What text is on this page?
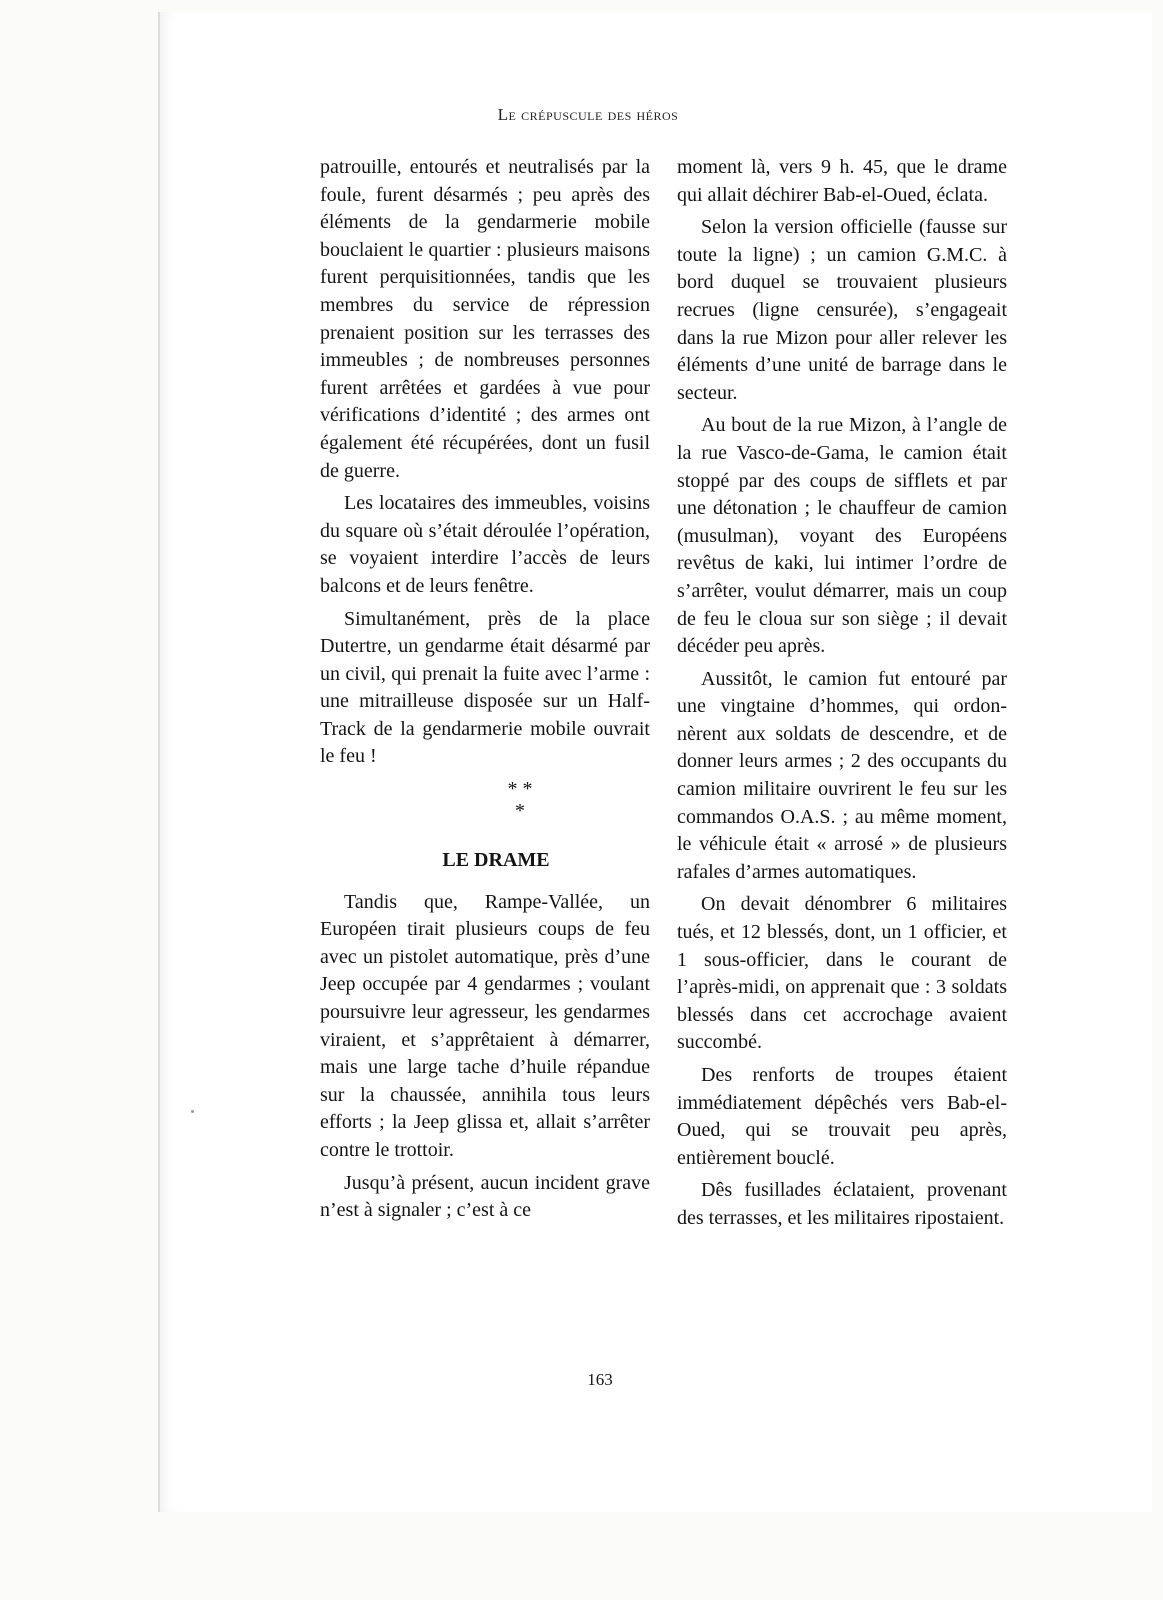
Le crépuscule des héros

patrouille, entourés et neutralisés par la foule, furent désarmés ; peu après des éléments de la gendarmerie mobile bouclaient le quartier : plusieurs maisons furent perquisitionnées, tandis que les membres du service de répression prenaient position sur les terrasses des immeubles ; de nombreuses personnes furent arrêtées et gardées à vue pour vérifications d’identité ; des armes ont également été récupérées, dont un fusil de guerre.

Les locataires des immeubles, voisins du square où s’était déroulée l’opération, se voyaient interdire l’accès de leurs balcons et de leurs fenêtre.

Simultanément, près de la place Dutertre, un gendarme était désarmé par un civil, qui prenait la fuite avec l’arme : une mitrailleuse disposée sur un Half-Track de la gendarmerie mobile ouvrait le feu !

* *
*
LE DRAME

Tandis que, Rampe-Vallée, un Européen tirait plusieurs coups de feu avec un pistolet automatique, près d’une Jeep occupée par 4 gendarmes ; voulant poursuivre leur agresseur, les gendarmes viraient, et s’apprêtaient à démarrer, mais une large tache d’huile répandue sur la chaussée, annihila tous leurs efforts ; la Jeep glissa et, allait s’arrêter contre le trottoir.

Jusqu’à présent, aucun incident grave n’est à signaler ; c’est à ce

moment là, vers 9 h. 45, que le drame qui allait déchirer Bab-el-Oued, éclata.

Selon la version officielle (fausse sur toute la ligne) ; un camion G.M.C. à bord duquel se trouvaient plusieurs recrues (ligne censurée), s’engageait dans la rue Mizon pour aller relever les éléments d’une unité de barrage dans le secteur.

Au bout de la rue Mizon, à l’angle de la rue Vasco-de-Gama, le camion était stoppé par des coups de sifflets et par une détonation ; le chauffeur de camion (musulman), voyant des Européens revêtus de kaki, lui intimer l’ordre de s’arrêter, voulut démarrer, mais un coup de feu le cloua sur son siège ; il devait décéder peu après.

Aussitôt, le camion fut entouré par une vingtaine d’hommes, qui ordonnèrent aux soldats de descendre, et de donner leurs armes ; 2 des occupants du camion militaire ouvrirent le feu sur les commandos O.A.S. ; au même moment, le véhicule était « arrosé » de plusieurs rafales d’armes automatiques.

On devait dénombrer 6 militaires tués, et 12 blessés, dont, un 1 officier, et 1 sous-officier, dans le courant de l’après-midi, on apprenait que : 3 soldats blessés dans cet accrochage avaient succombé.

Des renforts de troupes étaient immédiatement dépêchés vers Bab-el-Oued, qui se trouvait peu après, entièrement bouclé.

Dês fusillades éclataient, provenant des terrasses, et les militaires ripostaient.

163
